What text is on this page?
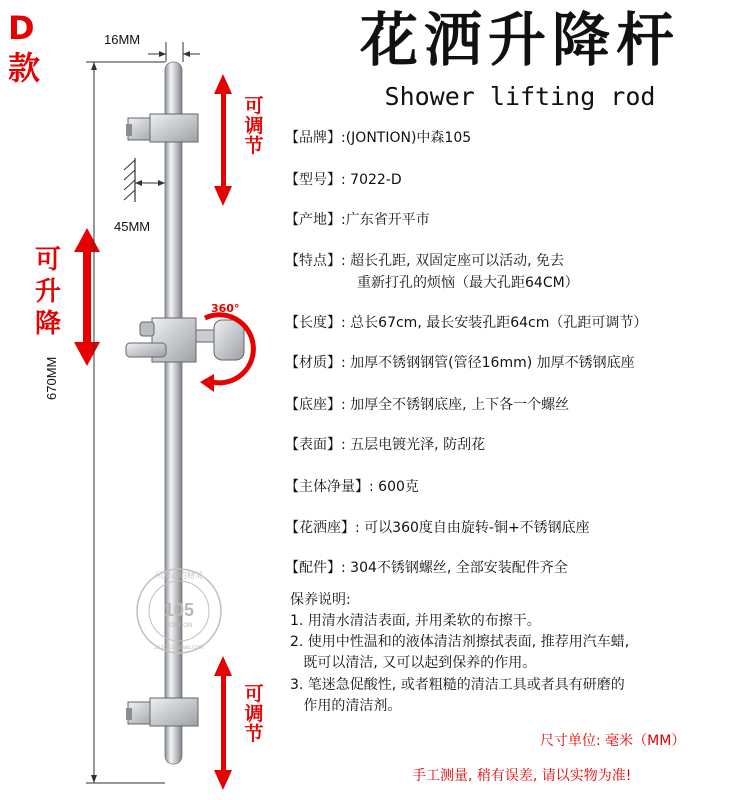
D
款	花洒升降杆
Shower lifting rod
16MM
45MM
670MM
360°
可
调
节
可
调
节
可
升
降
【品牌】:(JONTION)中森105
【型号】: 7022-D
【产地】:广东省开平市
【特点】: 超长孔距, 双固定座可以活动, 免去
重新打孔的烦恼（最大孔距64CM）
【长度】: 总长67cm, 最长安装孔距64cm（孔距可调节）
【材质】: 加厚不锈钢钢管(管径16mm) 加厚不锈钢底座
【底座】: 加厚全不锈钢底座, 上下各一个螺丝
【表面】: 五层电镀光泽, 防刮花
【主体净量】: 600克
【花洒座】: 可以360度自由旋转-铜+不锈钢底座
【配件】: 304不锈钢螺丝, 全部安装配件齐全
保养说明:
1. 用清水清洁表面, 并用柔软的布擦干。
2. 使用中性温和的液体清洁剂擦拭表面, 推荐用汽车蜡,
既可以清洁, 又可以起到保养的作用。
3. 笔迷急促酸性, 或者粗糙的清洁工具或者具有研磨的
作用的清洁剂。
尺寸单位: 毫米（MM）
手工测量, 稍有误差, 请以实物为准!
105
JONTION
风舞动的精灵
zs105.taobao.com
